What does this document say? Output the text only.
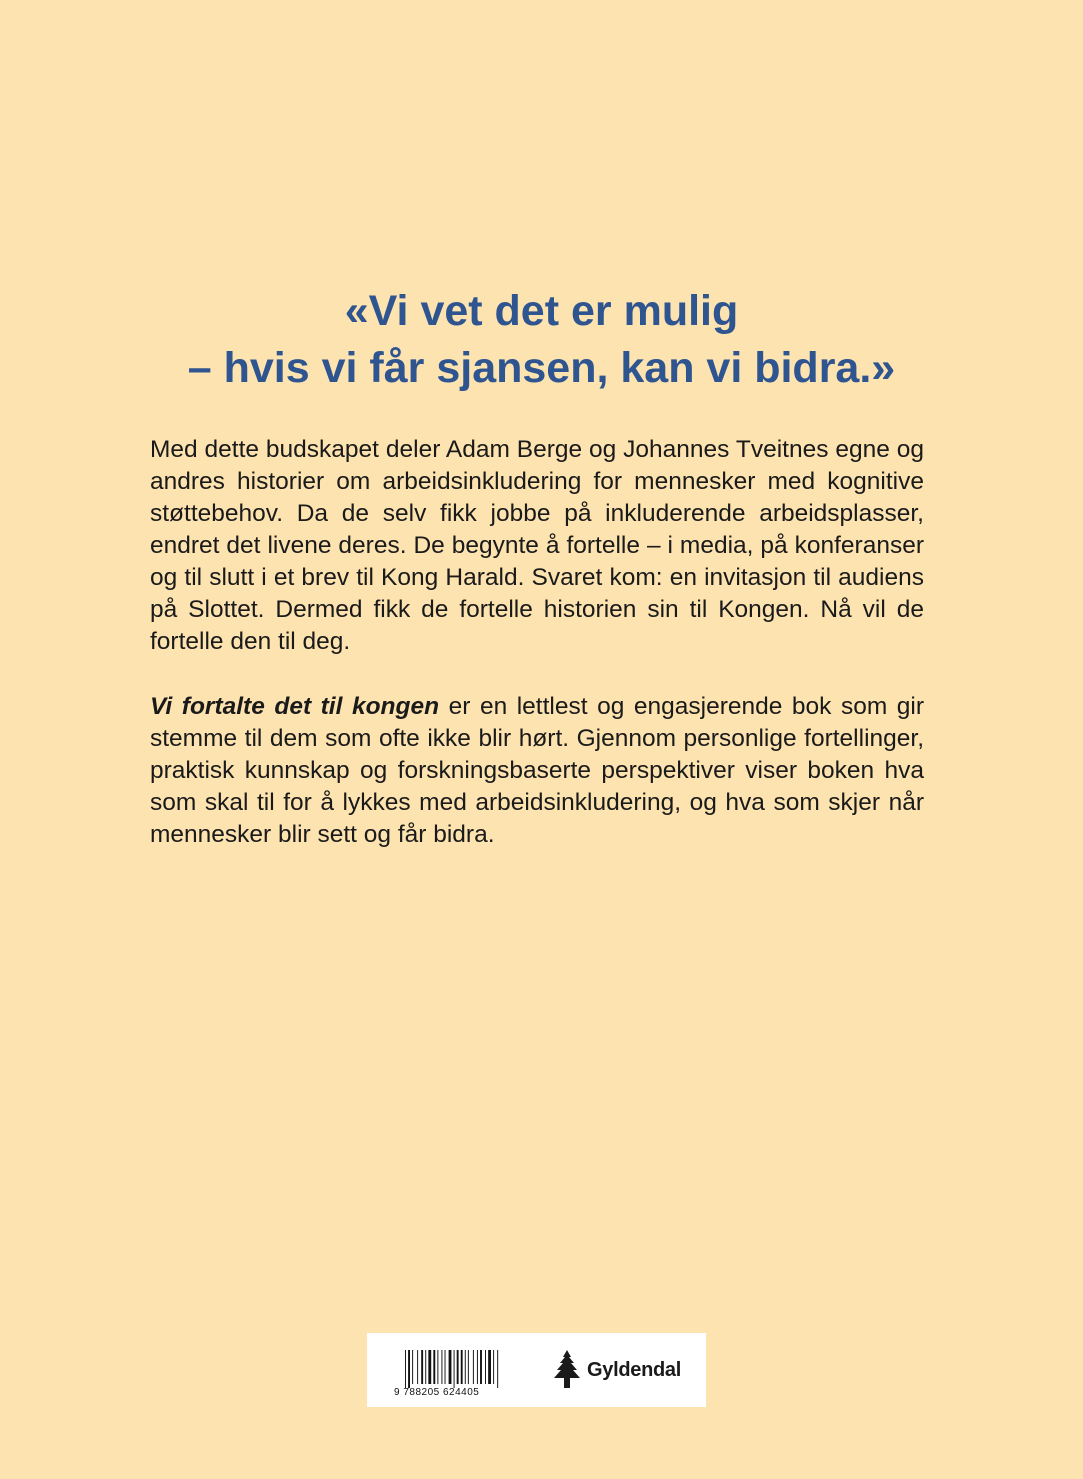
«Vi vet det er mulig
– hvis vi får sjansen, kan vi bidra.»

Med dette budskapet deler Adam Berge og Johannes Tveitnes egne og andres historier om arbeidsinkludering for mennesker med kognitive støttebehov. Da de selv fikk jobbe på inkluderende arbeidsplasser, endret det livene deres. De begynte å fortelle – i media, på konferanser og til slutt i et brev til Kong Harald. Svaret kom: en invitasjon til audiens på Slottet. Dermed fikk de fortelle historien sin til Kongen. Nå vil de fortelle den til deg.

Vi fortalte det til kongen er en lettlest og engasjerende bok som gir stemme til dem som ofte ikke blir hørt. Gjennom personlige fortellinger, praktisk kunnskap og forskningsbaserte perspektiver viser boken hva som skal til for å lykkes med arbeidsinkludering, og hva som skjer når mennesker blir sett og får bidra.

9 788205 624405
Gyldendal
